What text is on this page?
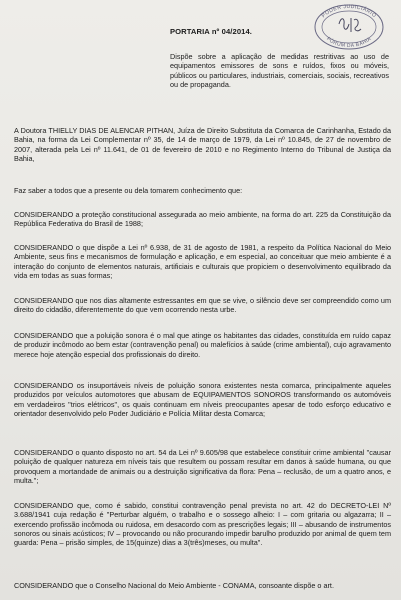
PODER JUDICIÁRIO
FÓRUM DA BAHIA
PORTARIA nº 04/2014.

Dispõe sobre a aplicação de medidas restritivas ao uso de equipamentos emissores de sons e ruídos, fixos ou móveis, públicos ou particulares, industriais, comerciais, sociais, recreativos ou de propaganda.

A Doutora THIELLY DIAS DE ALENCAR PITHAN, Juíza de Direito Substituta da Comarca de Carinhanha, Estado da Bahia, na forma da Lei Complementar nº 35, de 14 de março de 1979, da Lei nº 10.845, de 27 de novembro de 2007, alterada pela Lei nº 11.641, de 01 de fevereiro de 2010 e no Regimento Interno do Tribunal de Justiça da Bahia,

Faz saber a todos que a presente ou dela tomarem conhecimento que:

CONSIDERANDO a proteção constitucional assegurada ao meio ambiente, na forma do art. 225 da Constituição da República Federativa do Brasil de 1988;

CONSIDERANDO o que dispõe a Lei nº 6.938, de 31 de agosto de 1981, a respeito da Política Nacional do Meio Ambiente, seus fins e mecanismos de formulação e aplicação, e em especial, ao conceituar que meio ambiente é a interação do conjunto de elementos naturais, artificiais e culturais que propiciem o desenvolvimento equilibrado da vida em todas as suas formas;

CONSIDERANDO que nos dias altamente estressantes em que se vive, o silêncio deve ser compreendido como um direito do cidadão, diferentemente do que vem ocorrendo nesta urbe.

CONSIDERANDO que a poluição sonora é o mal que atinge os habitantes das cidades, constituída em ruído capaz de produzir incômodo ao bem estar (contravenção penal) ou malefícios à saúde (crime ambiental), cujo agravamento merece hoje atenção especial dos profissionais do direito.

CONSIDERANDO os insuportáveis níveis de poluição sonora existentes nesta comarca, principalmente aqueles produzidos por veículos automotores que abusam de EQUIPAMENTOS SONOROS transformando os automóveis em verdadeiros "trios elétricos", os quais continuam em níveis preocupantes apesar de todo esforço educativo e orientador desenvolvido pelo Poder Judiciário e Polícia Militar desta Comarca;

CONSIDERANDO o quanto disposto no art. 54 da Lei nº 9.605/98 que estabelece constituir crime ambiental "causar poluição de qualquer natureza em níveis tais que resultem ou possam resultar em danos à saúde humana, ou que provoquem a mortandade de animais ou a destruição significativa da flora: Pena – reclusão, de um a quatro anos, e multa.";

CONSIDERANDO que, como é sabido, constitui contravenção penal prevista no art. 42 do DECRETO-LEI Nº 3.688/1941 cuja redação é "Perturbar alguém, o trabalho e o sossego alheio: I – com gritaria ou algazarra; II – exercendo profissão incômoda ou ruidosa, em desacordo com as prescrições legais; III – abusando de instrumentos sonoros ou sinais acústicos; IV – provocando ou não procurando impedir barulho produzido por animal de quem tem guarda: Pena – prisão simples, de 15(quinze) dias a 3(três)meses, ou multa".

CONSIDERANDO que o Conselho Nacional do Meio Ambiente - CONAMA, consoante dispõe o art.
